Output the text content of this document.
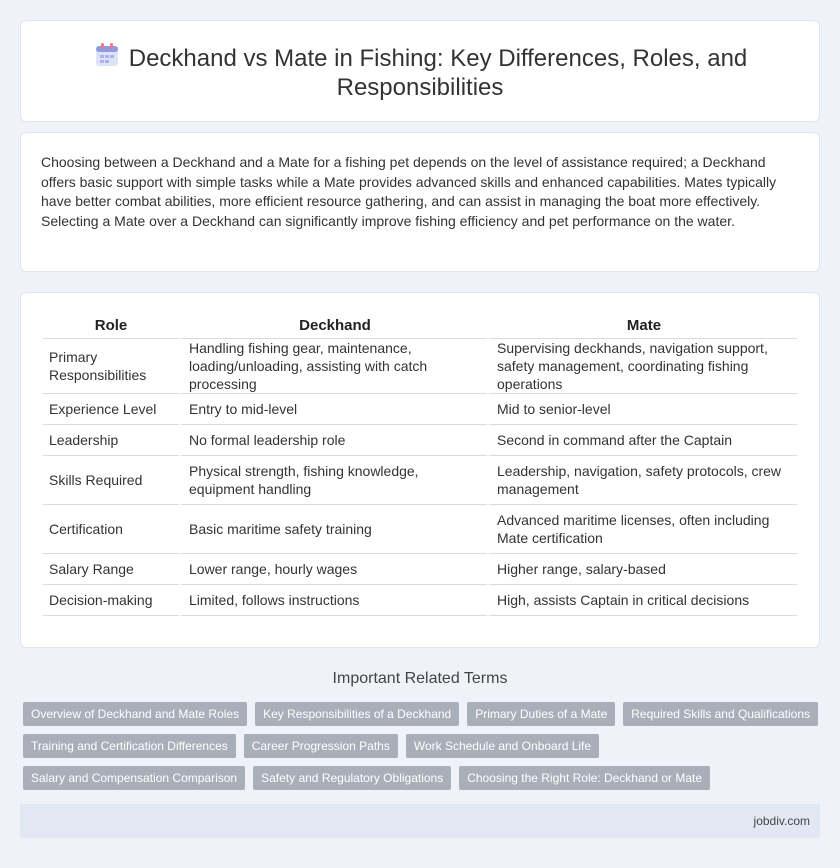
Deckhand vs Mate in Fishing: Key Differences, Roles, and Responsibilities

Choosing between a Deckhand and a Mate for a fishing pet depends on the level of assistance required; a Deckhand offers basic support with simple tasks while a Mate provides advanced skills and enhanced capabilities. Mates typically have better combat abilities, more efficient resource gathering, and can assist in managing the boat more effectively. Selecting a Mate over a Deckhand can significantly improve fishing efficiency and pet performance on the water.

Role	Deckhand	Mate
Primary Responsibilities	Handling fishing gear, maintenance, loading/unloading, assisting with catch processing	Supervising deckhands, navigation support, safety management, coordinating fishing operations
Experience Level	Entry to mid-level	Mid to senior-level
Leadership	No formal leadership role	Second in command after the Captain
Skills Required	Physical strength, fishing knowledge, equipment handling	Leadership, navigation, safety protocols, crew management
Certification	Basic maritime safety training	Advanced maritime licenses, often including Mate certification
Salary Range	Lower range, hourly wages	Higher range, salary-based
Decision-making	Limited, follows instructions	High, assists Captain in critical decisions
Important Related Terms
Overview of Deckhand and Mate Roles	Key Responsibilities of a Deckhand	Primary Duties of a Mate	Required Skills and Qualifications
Training and Certification Differences	Career Progression Paths	Work Schedule and Onboard Life
Salary and Compensation Comparison	Safety and Regulatory Obligations	Choosing the Right Role: Deckhand or Mate
jobdiv.com
